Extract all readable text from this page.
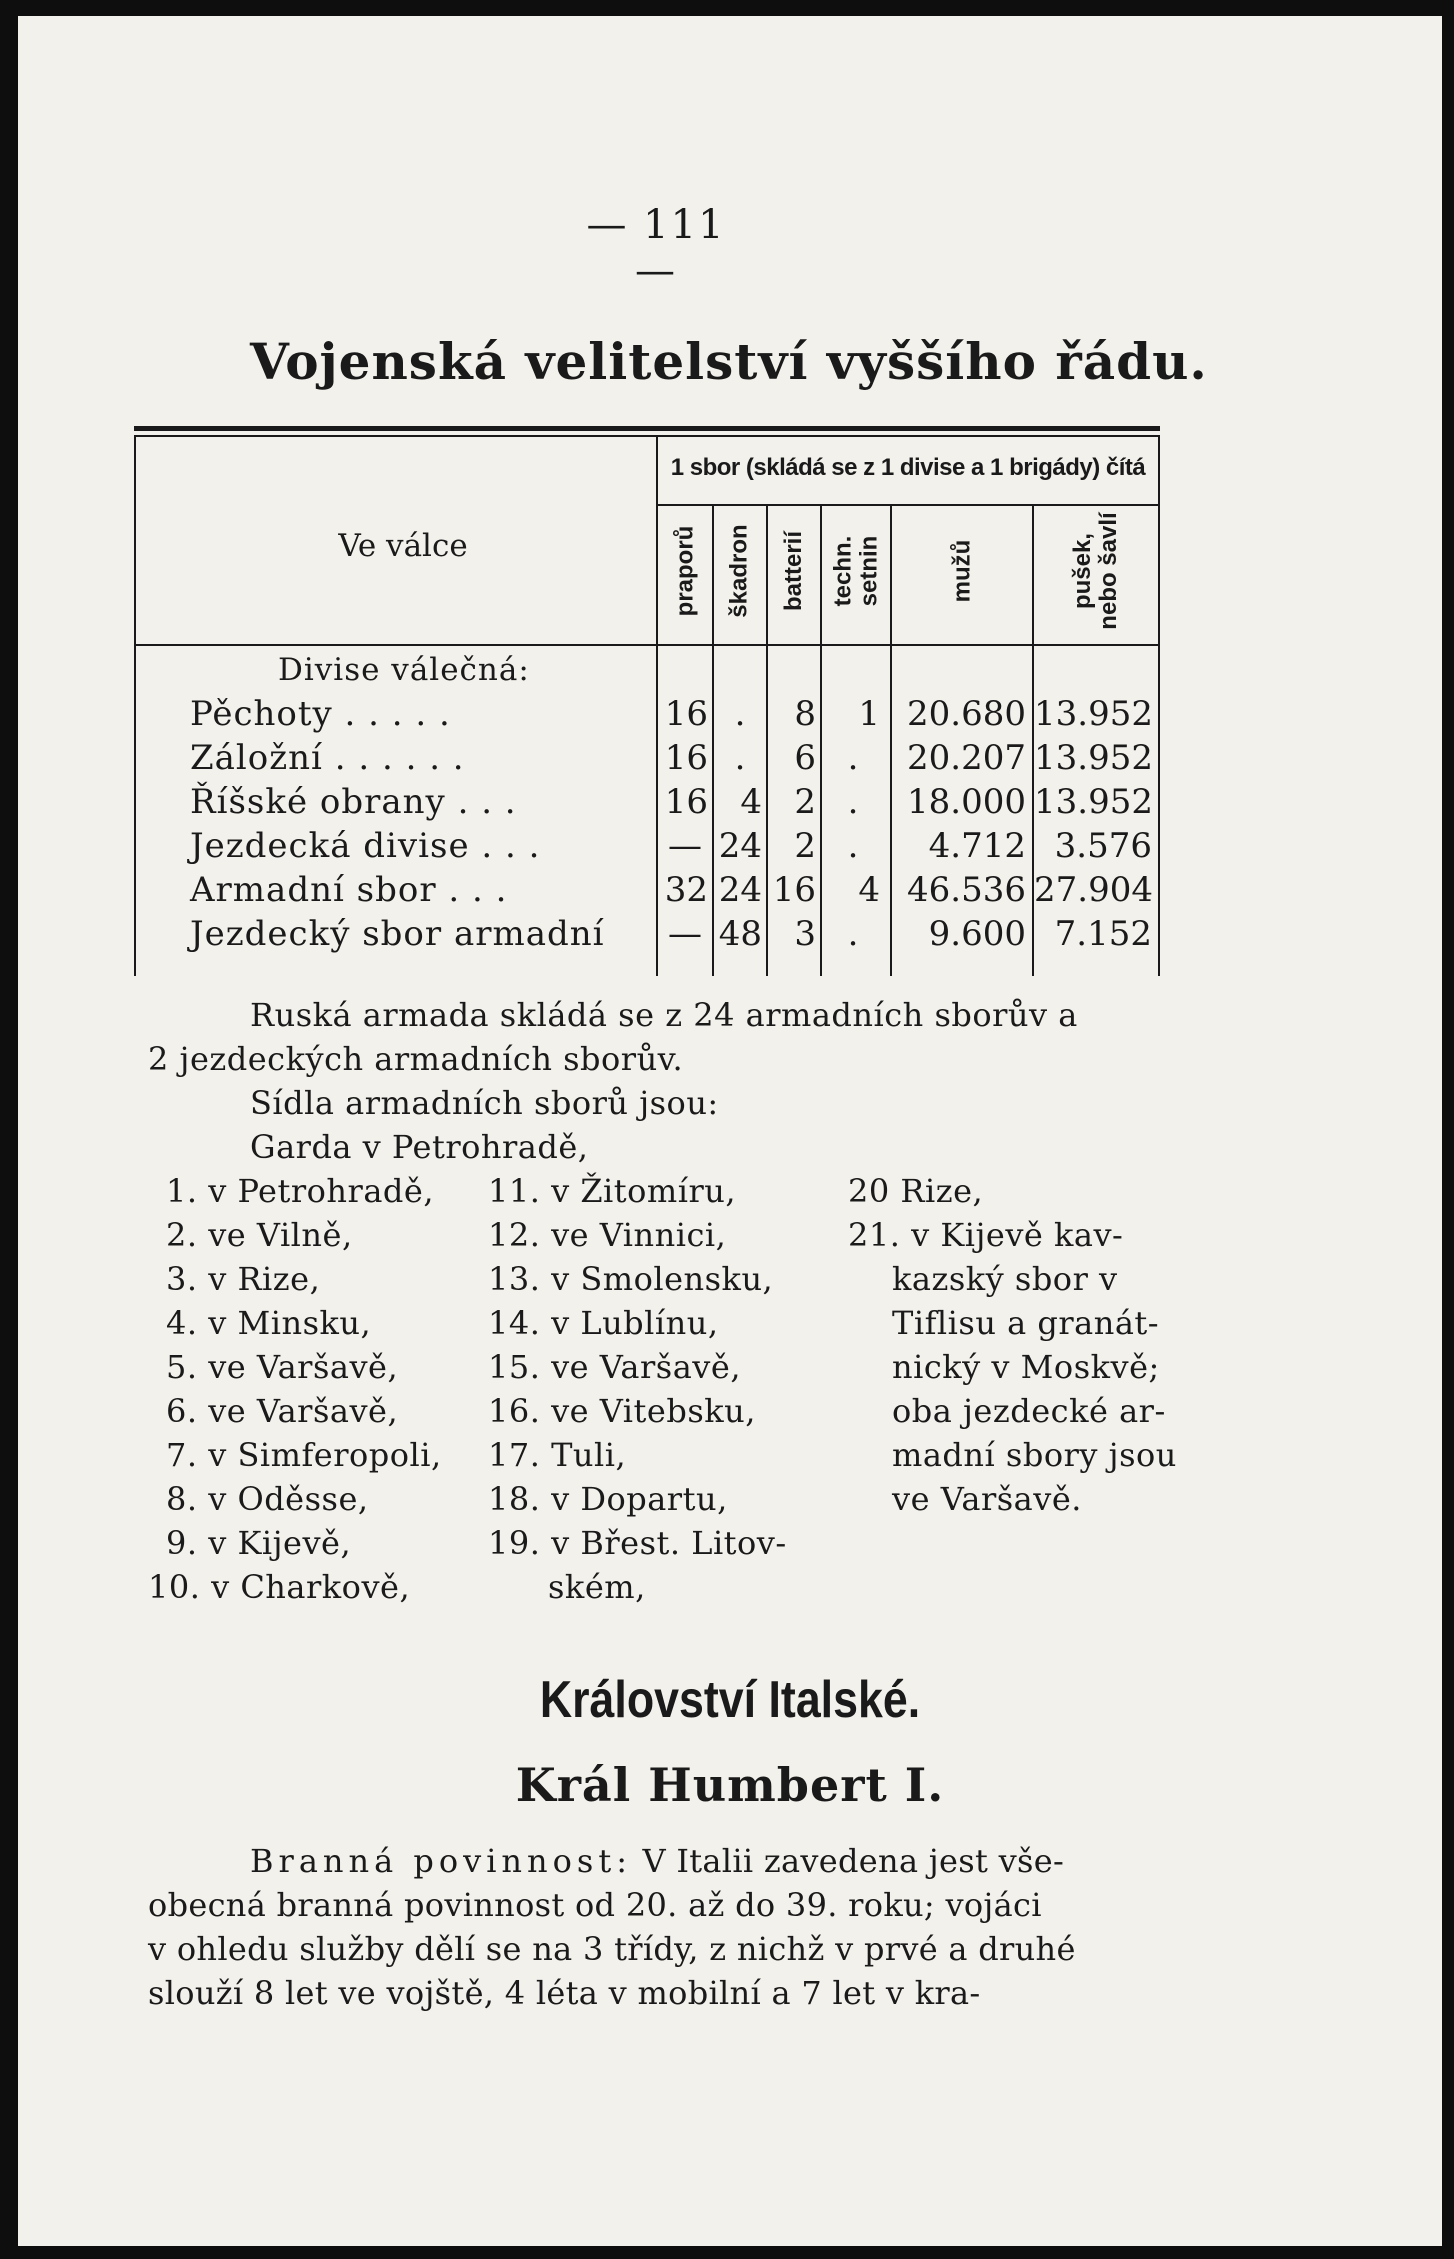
— 111 —
Vojenská velitelství vyššího řádu.
Ve válce
1 sbor (skládá se z 1 divise a 1 brigády) čítá
praporů škadron batterií techn. setnin	mužů	pušek, nebo šavlí
Divise válečná:
Pěchoty . . . . .	16 .	8	1 20.680 13.952
Záložní . . . . . .	16 .	6 .	20.207 13.952
Říšské obrany . . .	16 4 2 .	18.000 13.952
Jezdecká divise . . .	— 24 2 .	4.712 3.576
Armadní sbor . . .	32 24 16	4 46.536 27.904
Jezdecký sbor armadní — 48 3 .	9.600 7.152
Ruská armada skládá se z 24 armadních sborův a
2 jezdeckých armadních sborův.
Sídla armadních sborů jsou:
Garda v Petrohradě,
1. v Petrohradě,
2. ve Vilně,
3. v Rize,
4. v Minsku,
5. ve Varšavě,
6. ve Varšavě,
7. v Simferopoli,
8. v Oděsse,
9. v Kijevě,
10. v Charkově,
11. v Žitomíru,
12. ve Vinnici,
13. v Smolensku,
14. v Lublínu,
15. ve Varšavě,
16. ve Vitebsku,
17. Tuli,
18. v Dopartu,
19. v Břest. Litov-
ském,
20 Rize,
21. v Kijevě kav-
kazský sbor v
Tiflisu a granát-
nický v Moskvě;
oba jezdecké ar-
madní sbory jsou
ve Varšavě.
Království Italské.
Král Humbert I.
Branná povinnost: V Italii zavedena jest vše-
obecná branná povinnost od 20. až do 39. roku; vojáci
v ohledu služby dělí se na 3 třídy, z nichž v prvé a druhé
slouží 8 let ve vojště, 4 léta v mobilní a 7 let v kra-
